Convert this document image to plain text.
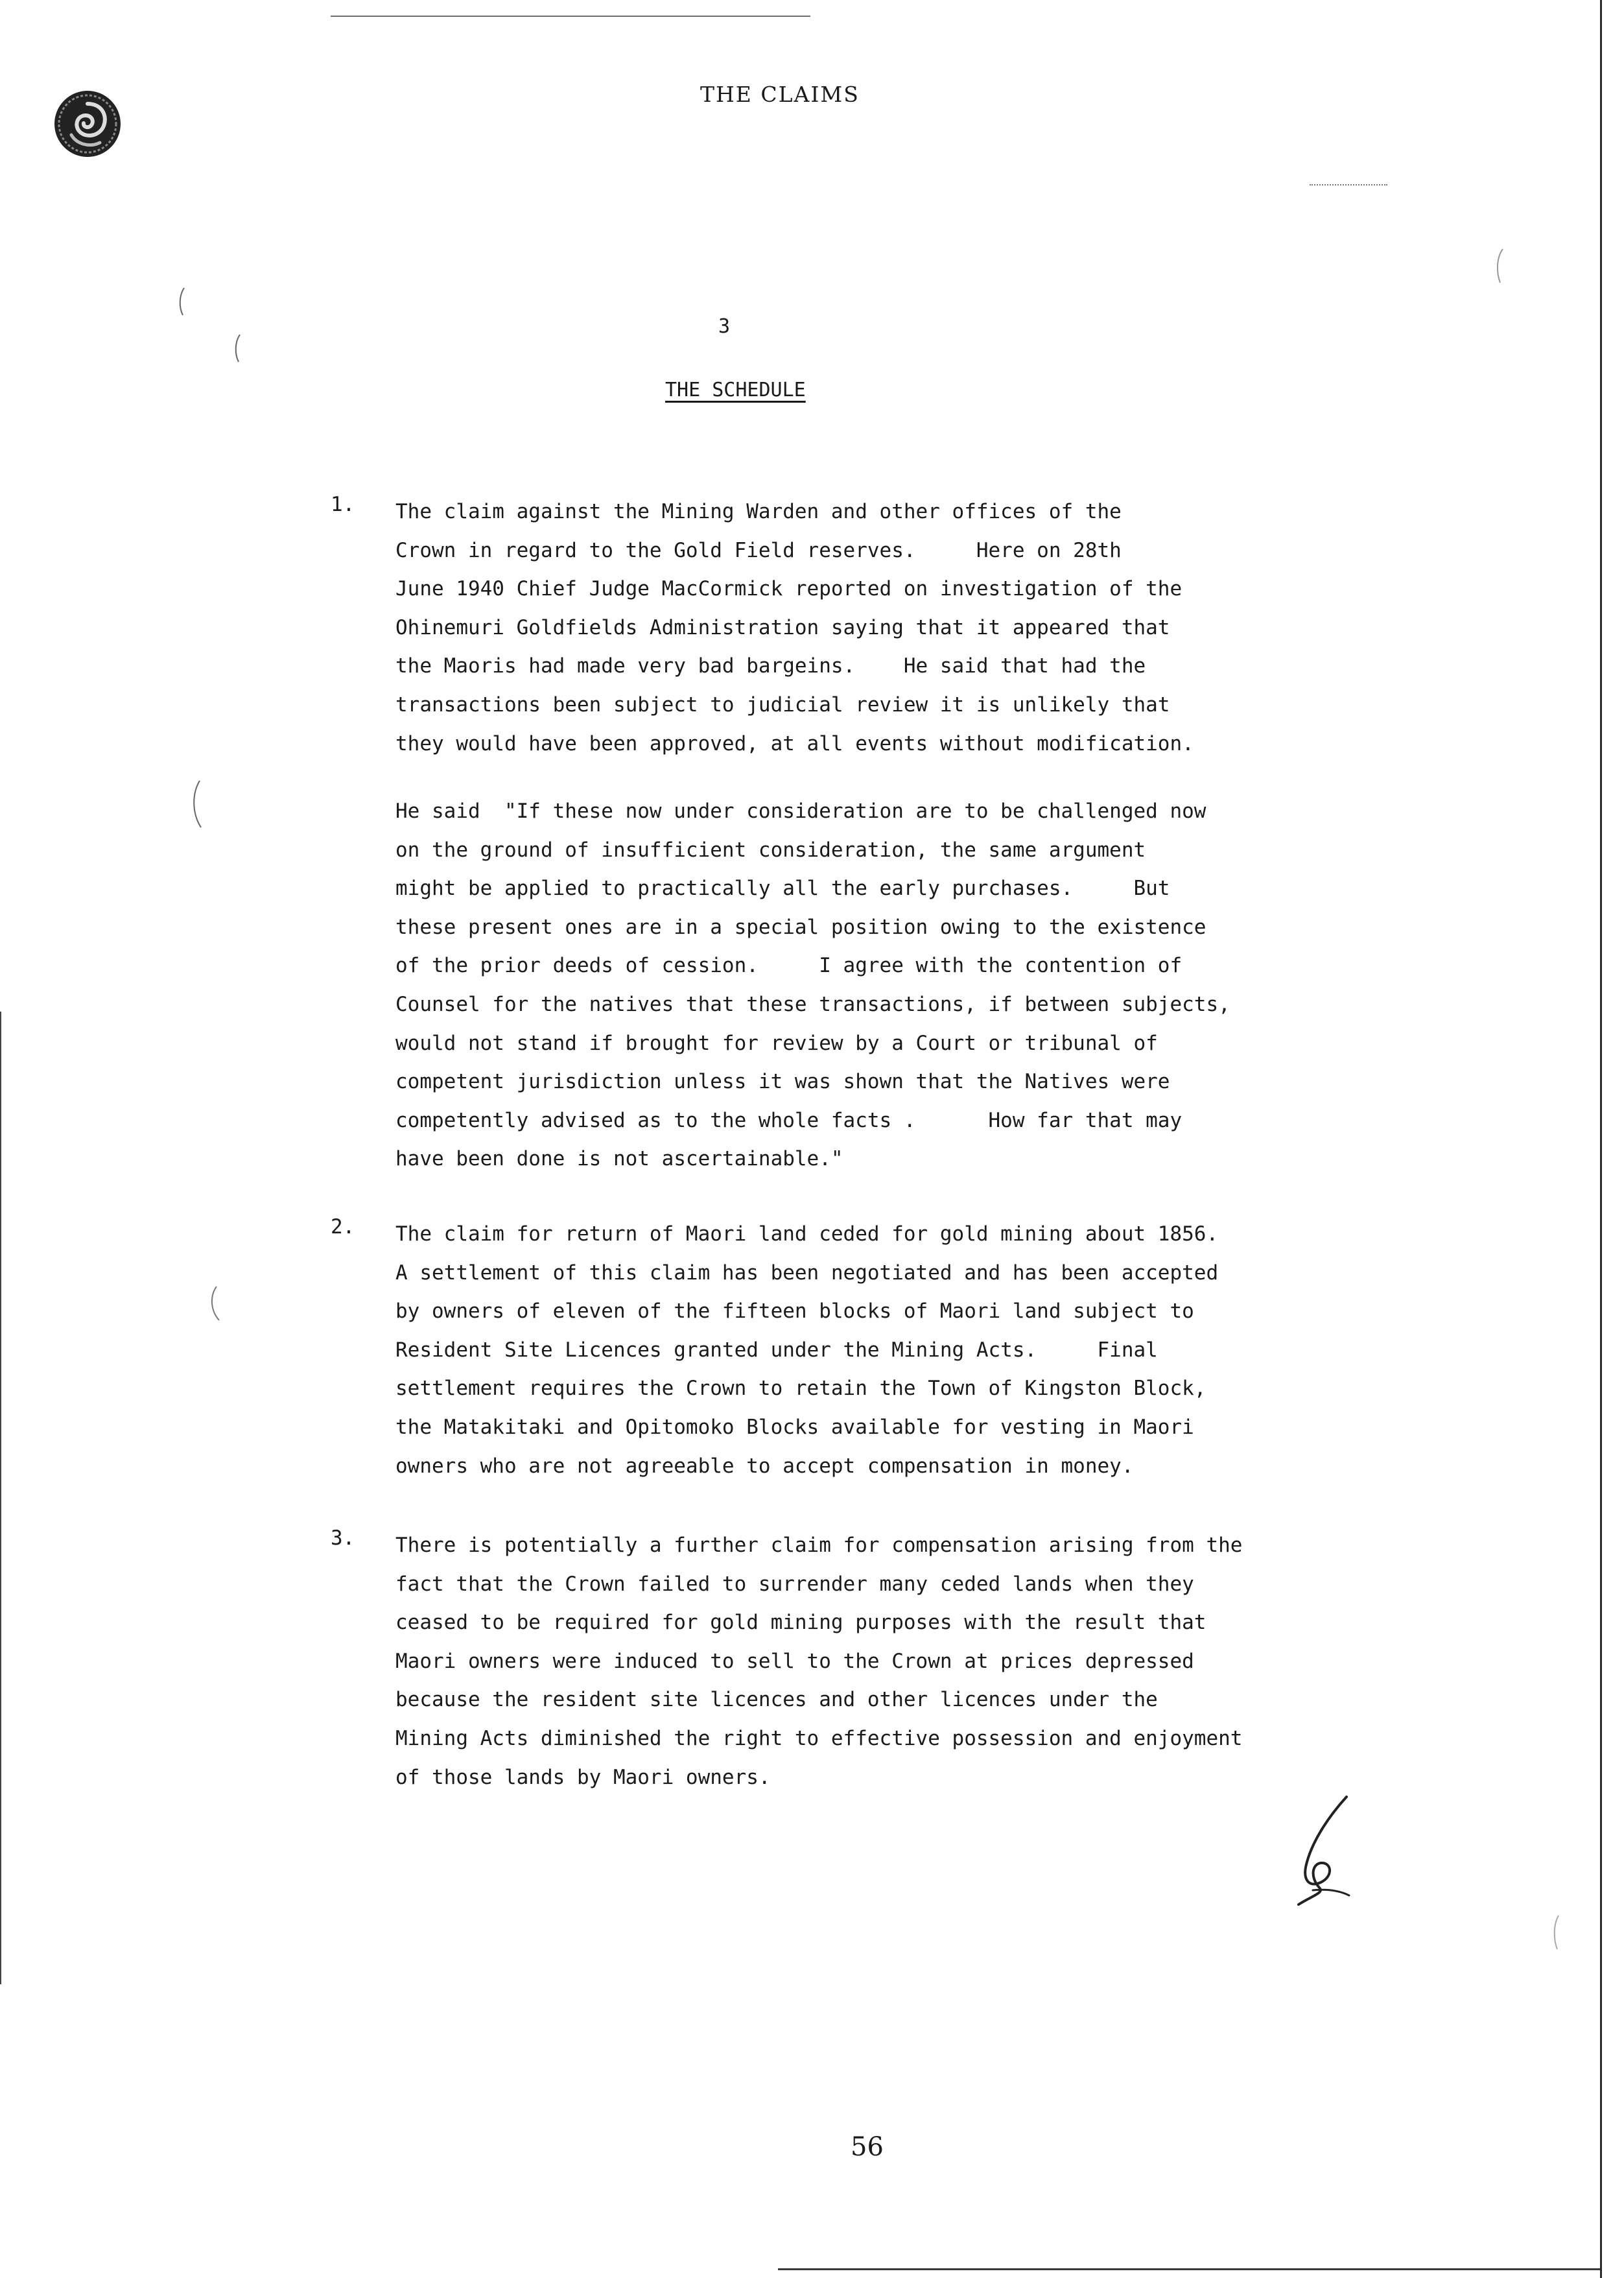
THE CLAIMS
3
THE SCHEDULE
1. The claim against the Mining Warden and other offices of the
Crown in regard to the Gold Field reserves.     Here on 28th
June 1940 Chief Judge MacCormick reported on investigation of the
Ohinemuri Goldfields Administration saying that it appeared that
the Maoris had made very bad bargeins.    He said that had the
transactions been subject to judicial review it is unlikely that
they would have been approved, at all events without modification.
He said  "If these now under consideration are to be challenged now
on the ground of insufficient consideration, the same argument
might be applied to practically all the early purchases.     But
these present ones are in a special position owing to the existence
of the prior deeds of cession.     I agree with the contention of
Counsel for the natives that these transactions, if between subjects,
would not stand if brought for review by a Court or tribunal of
competent jurisdiction unless it was shown that the Natives were
competently advised as to the whole facts .      How far that may
have been done is not ascertainable."
2. The claim for return of Maori land ceded for gold mining about 1856.
A settlement of this claim has been negotiated and has been accepted
by owners of eleven of the fifteen blocks of Maori land subject to
Resident Site Licences granted under the Mining Acts.     Final
settlement requires the Crown to retain the Town of Kingston Block,
the Matakitaki and Opitomoko Blocks available for vesting in Maori
owners who are not agreeable to accept compensation in money.
3. There is potentially a further claim for compensation arising from the
fact that the Crown failed to surrender many ceded lands when they
ceased to be required for gold mining purposes with the result that
Maori owners were induced to sell to the Crown at prices depressed
because the resident site licences and other licences under the
Mining Acts diminished the right to effective possession and enjoyment
of those lands by Maori owners.
56
